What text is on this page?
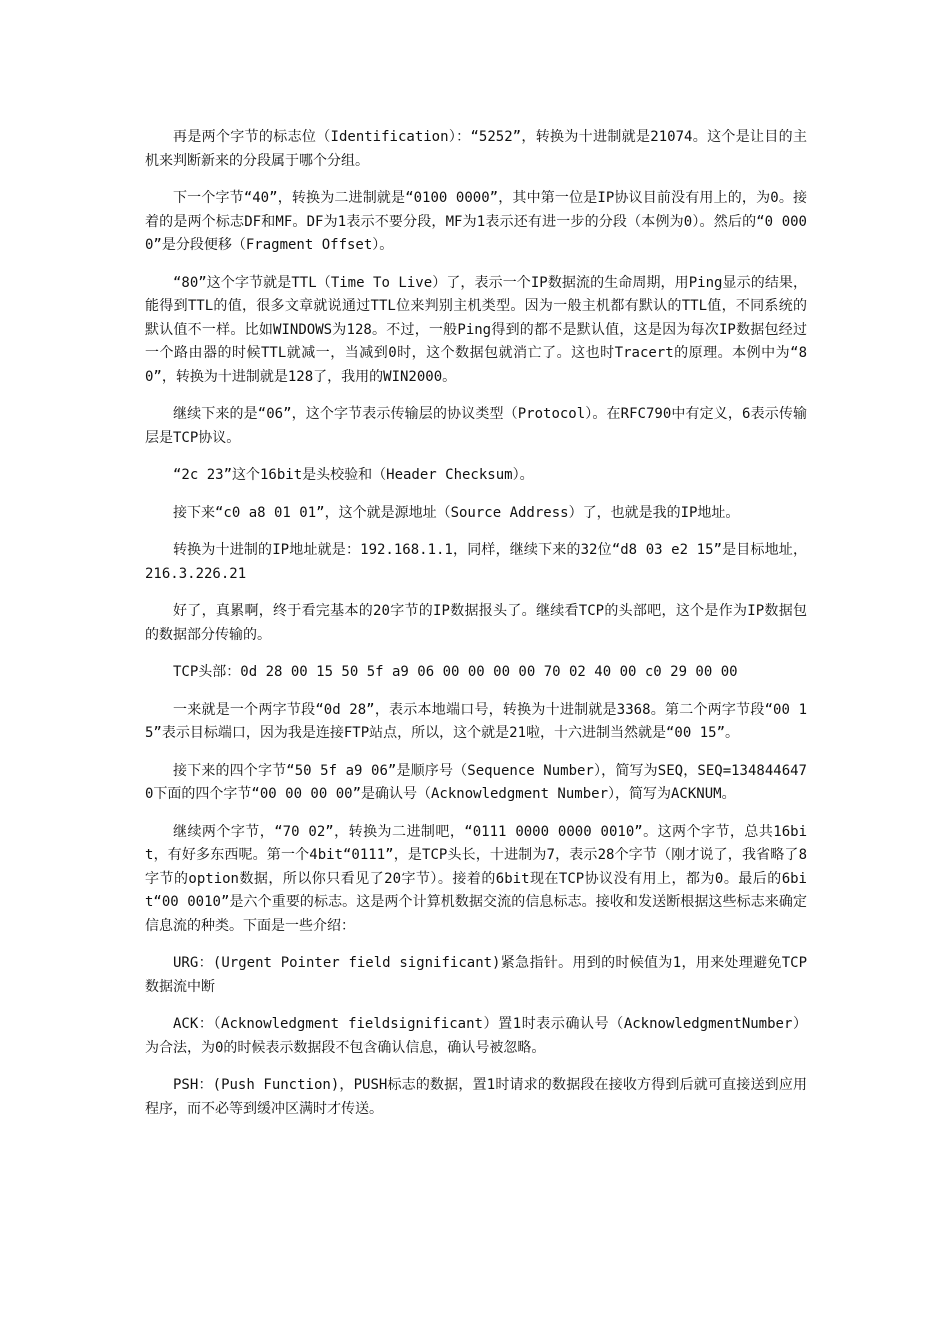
再是两个字节的标志位（Identification）：“5252”，转换为十进制就是21074。这个是让目的主机来判断新来的分段属于哪个分组。

下一个字节“40”，转换为二进制就是“0100 0000”，其中第一位是IP协议目前没有用上的，为0。接着的是两个标志DF和MF。DF为1表示不要分段，MF为1表示还有进一步的分段（本例为0）。然后的“0 0000”是分段便移（Fragment Offset）。

“80”这个字节就是TTL（Time To Live）了，表示一个IP数据流的生命周期，用Ping显示的结果，能得到TTL的值，很多文章就说通过TTL位来判别主机类型。因为一般主机都有默认的TTL值，不同系统的默认值不一样。比如WINDOWS为128。不过，一般Ping得到的都不是默认值，这是因为每次IP数据包经过一个路由器的时候TTL就减一，当减到0时，这个数据包就消亡了。这也时Tracert的原理。本例中为“80”，转换为十进制就是128了，我用的WIN2000。

继续下来的是“06”，这个字节表示传输层的协议类型（Protocol）。在RFC790中有定义，6表示传输层是TCP协议。

“2c 23”这个16bit是头校验和（Header Checksum）。

接下来“c0 a8 01 01”，这个就是源地址（Source Address）了，也就是我的IP地址。

转换为十进制的IP地址就是：192.168.1.1，同样，继续下来的32位“d8 03 e2 15”是目标地址，216.3.226.21

好了，真累啊，终于看完基本的20字节的IP数据报头了。继续看TCP的头部吧，这个是作为IP数据包的数据部分传输的。

TCP头部：0d 28 00 15 50 5f a9 06 00 00 00 00 70 02 40 00 c0 29 00 00

一来就是一个两字节段“0d 28”，表示本地端口号，转换为十进制就是3368。第二个两字节段“00 15”表示目标端口，因为我是连接FTP站点，所以，这个就是21啦，十六进制当然就是“00 15”。

接下来的四个字节“50 5f a9 06”是顺序号（Sequence Number），简写为SEQ，SEQ=1348446470下面的四个字节“00 00 00 00”是确认号（Acknowledgment Number），简写为ACKNUM。

继续两个字节，“70 02”，转换为二进制吧，“0111 0000 0000 0010”。这两个字节，总共16bit，有好多东西呢。第一个4bit“0111”，是TCP头长，十进制为7，表示28个字节（刚才说了，我省略了8字节的option数据，所以你只看见了20字节）。接着的6bit现在TCP协议没有用上，都为0。最后的6bit“00 0010”是六个重要的标志。这是两个计算机数据交流的信息标志。接收和发送断根据这些标志来确定信息流的种类。下面是一些介绍：

URG：(Urgent Pointer field significant)紧急指针。用到的时候值为1，用来处理避免TCP数据流中断

ACK：（Acknowledgment fieldsignificant）置1时表示确认号（AcknowledgmentNumber）为合法，为0的时候表示数据段不包含确认信息，确认号被忽略。

PSH：(Push Function)，PUSH标志的数据，置1时请求的数据段在接收方得到后就可直接送到应用程序，而不必等到缓冲区满时才传送。
